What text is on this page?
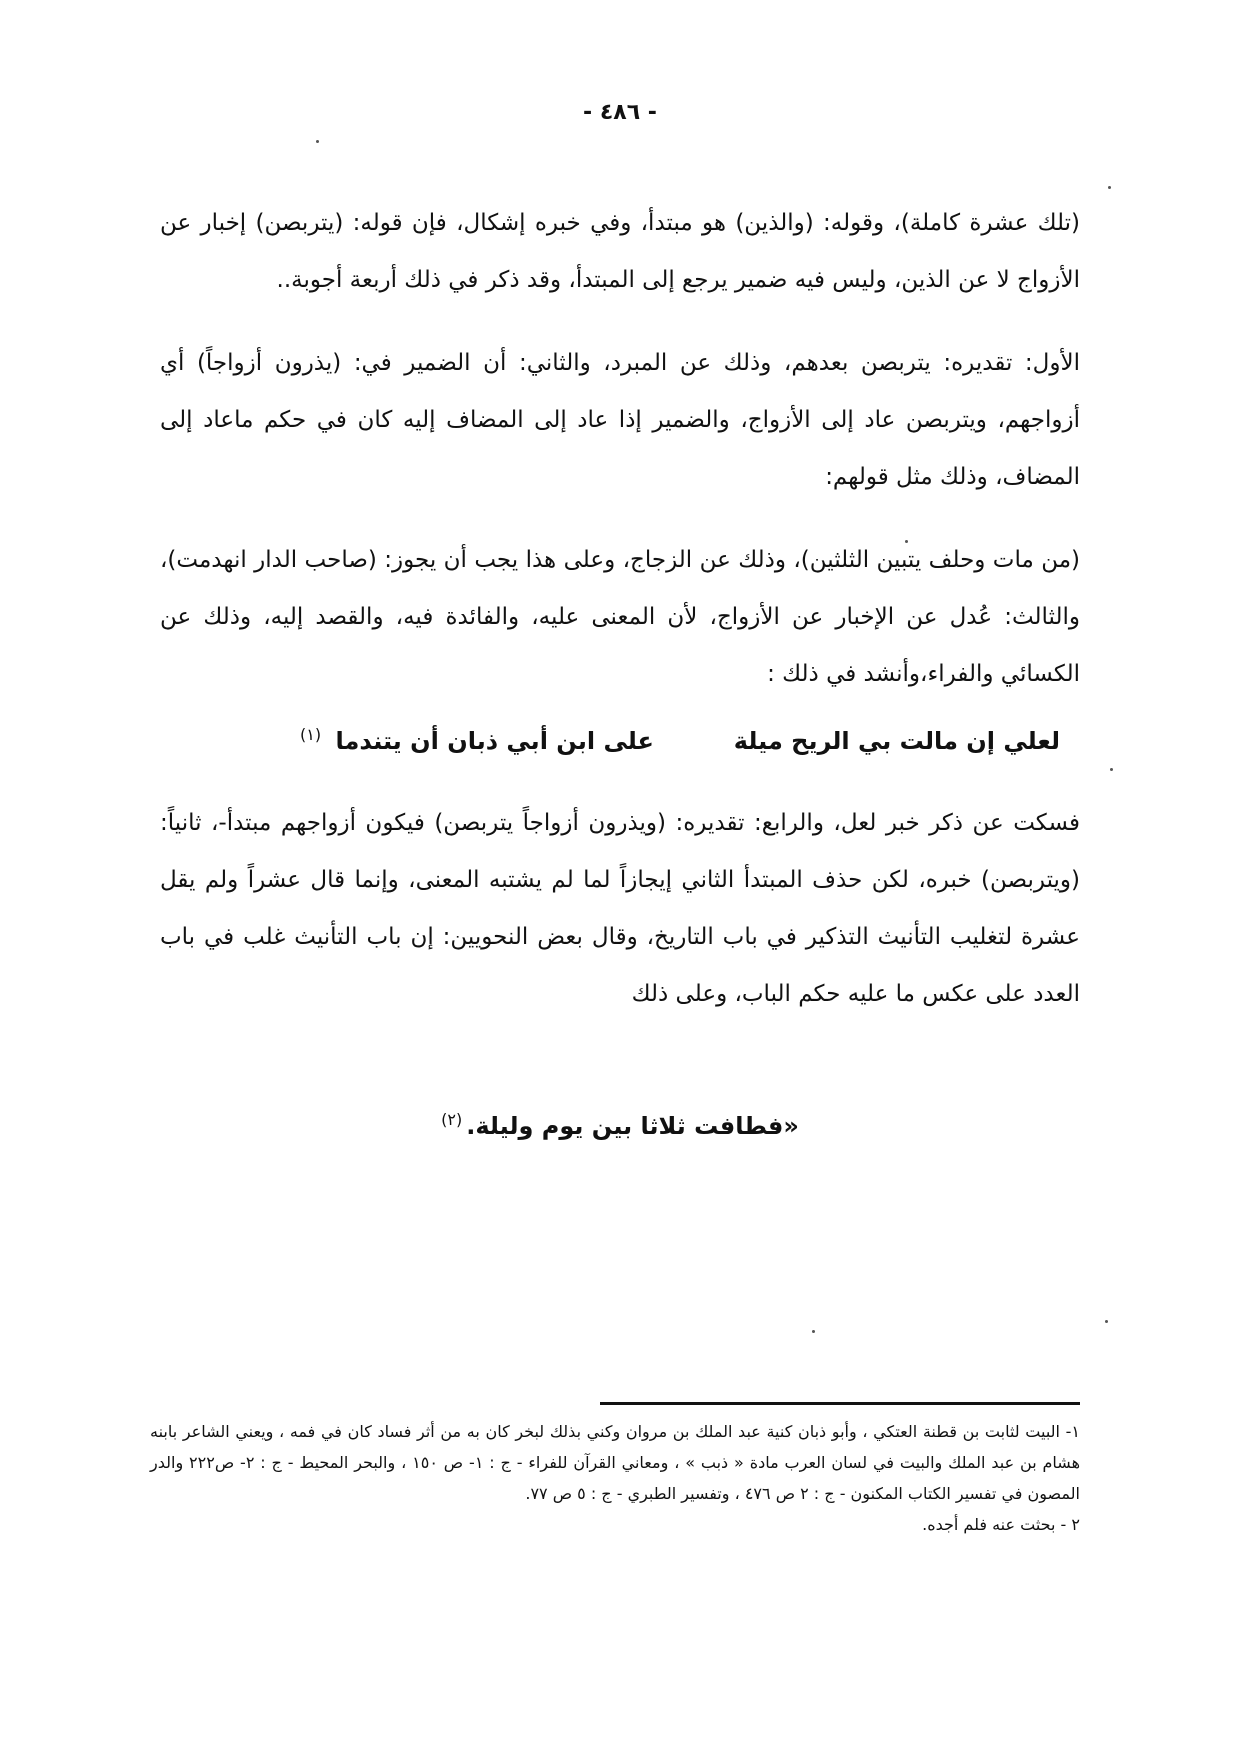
- ٤٨٦ -

(تلك عشرة كاملة)، وقوله: (والذين) هو مبتدأ، وفي خبره إشكال، فإن قوله: (يتربصن) إخبار عن الأزواج لا عن الذين، وليس فيه ضمير يرجع إلى المبتدأ، وقد ذكر في ذلك أربعة أجوبة..

الأول: تقديره: يتربصن بعدهم، وذلك عن المبرد، والثاني: أن الضمير في: (يذرون أزواجاً) أي أزواجهم، ويتربصن عاد إلى الأزواج، والضمير إذا عاد إلى المضاف إليه كان في حكم ماعاد إلى المضاف، وذلك مثل قولهم:

(من مات وحلف يتبين الثلثين)، وذلك عن الزجاج، وعلى هذا يجب أن يجوز: (صاحب الدار انهدمت)، والثالث: عُدل عن الإخبار عن الأزواج، لأن المعنى عليه، والفائدة فيه، والقصد إليه، وذلك عن الكسائي والفراء،وأنشد في ذلك :

لعلي إن مالت بي الريح ميلة
على ابن أبي ذبان أن يتندما $^{(١)}$

فسكت عن ذكر خبر لعل، والرابع: تقديره: (ويذرون أزواجاً يتربصن) فيكون أزواجهم مبتدأ-، ثانياً: (ويتربصن) خبره، لكن حذف المبتدأ الثاني إيجازاً لما لم يشتبه المعنى، وإنما قال عشراً ولم يقل عشرة لتغليب التأنيث التذكير في باب التاريخ، وقال بعض النحويين: إن باب التأنيث غلب في باب العدد على عكس ما عليه حكم الباب، وعلى ذلك

«فطافت ثلاثا بين يوم وليلة.$^{(٢)}$

١- البيت لثابت بن قطنة العتكي ، وأبو ذبان كنية عبد الملك بن مروان وكني بذلك لبخر كان به من أثر فساد كان في فمه ، ويعني الشاعر بابنه هشام بن عبد الملك والبيت في لسان العرب مادة « ذبب » ، ومعاني القرآن للفراء - ج : ١- ص ١٥٠ ، والبحر المحيط - ج : ٢- ص٢٢٢ والدر المصون في تفسير الكتاب المكنون - ج : ٢ ص ٤٧٦ ، وتفسير الطبري - ج : ٥ ص ٧٧.

٢ - بحثت عنه فلم أجده.
